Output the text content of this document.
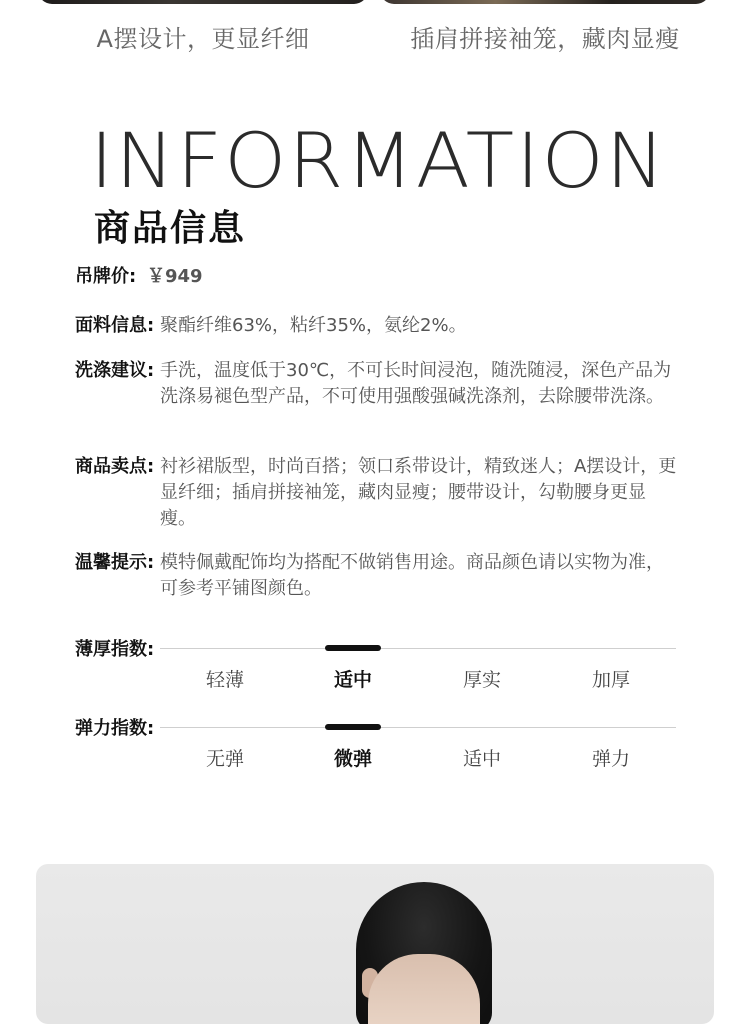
A摆设计，更显纤细	插肩拼接袖笼，藏肉显瘦
INFORMATION
商品信息
吊牌价: ￥949
面料信息: 聚酯纤维63%，粘纤35%，氨纶2%。
洗涤建议: 手洗，温度低于30℃，不可长时间浸泡，随洗随浸，深色产品为洗涤易褪色型产品，不可使用强酸强碱洗涤剂，去除腰带洗涤。
商品卖点: 衬衫裙版型，时尚百搭；领口系带设计，精致迷人；A摆设计，更显纤细；插肩拼接袖笼，藏肉显瘦；腰带设计，勾勒腰身更显瘦。
温馨提示: 模特佩戴配饰均为搭配不做销售用途。商品颜色请以实物为准，可参考平铺图颜色。
薄厚指数:
轻薄	适中	厚实	加厚
弹力指数:
无弹	微弹	适中	弹力
